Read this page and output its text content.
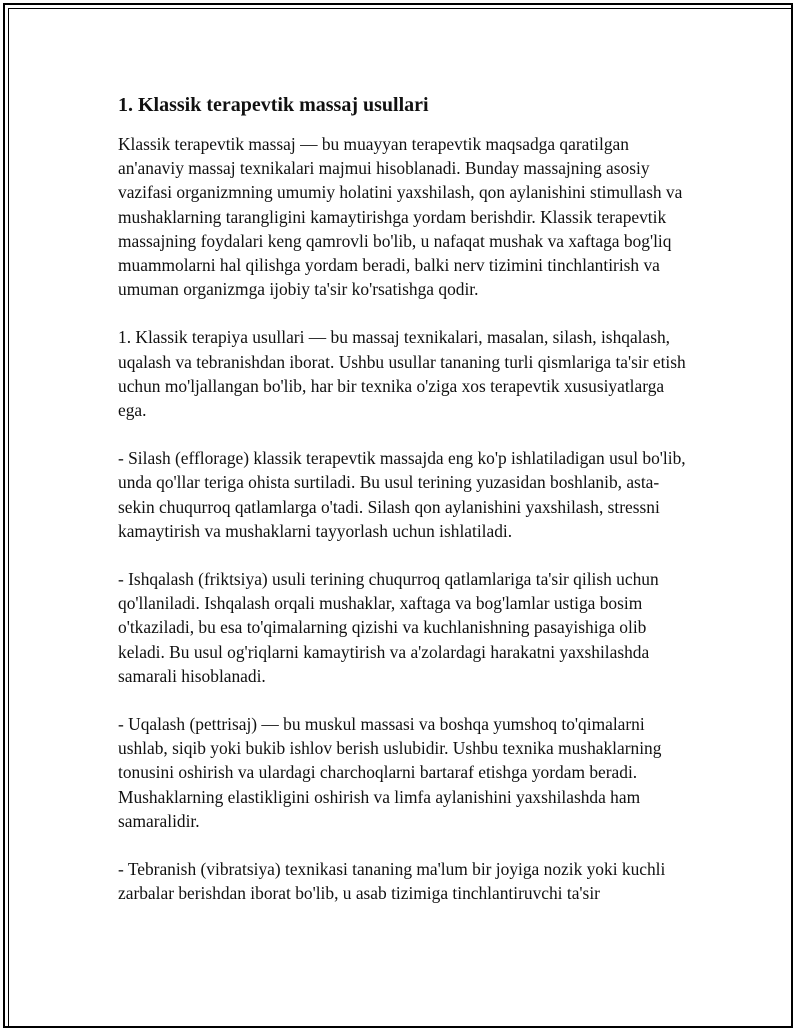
1. Klassik terapevtik massaj usullari

Klassik terapevtik massaj — bu muayyan terapevtik maqsadga qaratilgan an'anaviy massaj texnikalari majmui hisoblanadi. Bunday massajning asosiy vazifasi organizmning umumiy holatini yaxshilash, qon aylanishini stimullash va mushaklarning tarangligini kamaytirishga yordam berishdir. Klassik terapevtik massajning foydalari keng qamrovli bo'lib, u nafaqat mushak va xaftaga bog'liq muammolarni hal qilishga yordam beradi, balki nerv tizimini tinchlantirish va umuman organizmga ijobiy ta'sir ko'rsatishga qodir.

1. Klassik terapiya usullari — bu massaj texnikalari, masalan, silash, ishqalash, uqalash va tebranishdan iborat. Ushbu usullar tananing turli qismlariga ta'sir etish uchun mo'ljallangan bo'lib, har bir texnika o'ziga xos terapevtik xususiyatlarga ega.

- Silash (efflorage) klassik terapevtik massajda eng ko'p ishlatiladigan usul bo'lib, unda qo'llar teriga ohista surtiladi. Bu usul terining yuzasidan boshlanib, asta-sekin chuqurroq qatlamlarga o'tadi. Silash qon aylanishini yaxshilash, stressni kamaytirish va mushaklarni tayyorlash uchun ishlatiladi.

- Ishqalash (friktsiya) usuli terining chuqurroq qatlamlariga ta'sir qilish uchun qo'llaniladi. Ishqalash orqali mushaklar, xaftaga va bog'lamlar ustiga bosim o'tkaziladi, bu esa to'qimalarning qizishi va kuchlanishning pasayishiga olib keladi. Bu usul og'riqlarni kamaytirish va a'zolardagi harakatni yaxshilashda samarali hisoblanadi.

- Uqalash (pettrisaj) — bu muskul massasi va boshqa yumshoq to'qimalarni ushlab, siqib yoki bukib ishlov berish uslubidir. Ushbu texnika mushaklarning tonusini oshirish va ulardagi charchoqlarni bartaraf etishga yordam beradi. Mushaklarning elastikligini oshirish va limfa aylanishini yaxshilashda ham samaralidir.

- Tebranish (vibratsiya) texnikasi tananing ma'lum bir joyiga nozik yoki kuchli zarbalar berishdan iborat bo'lib, u asab tizimiga tinchlantiruvchi ta'sir
